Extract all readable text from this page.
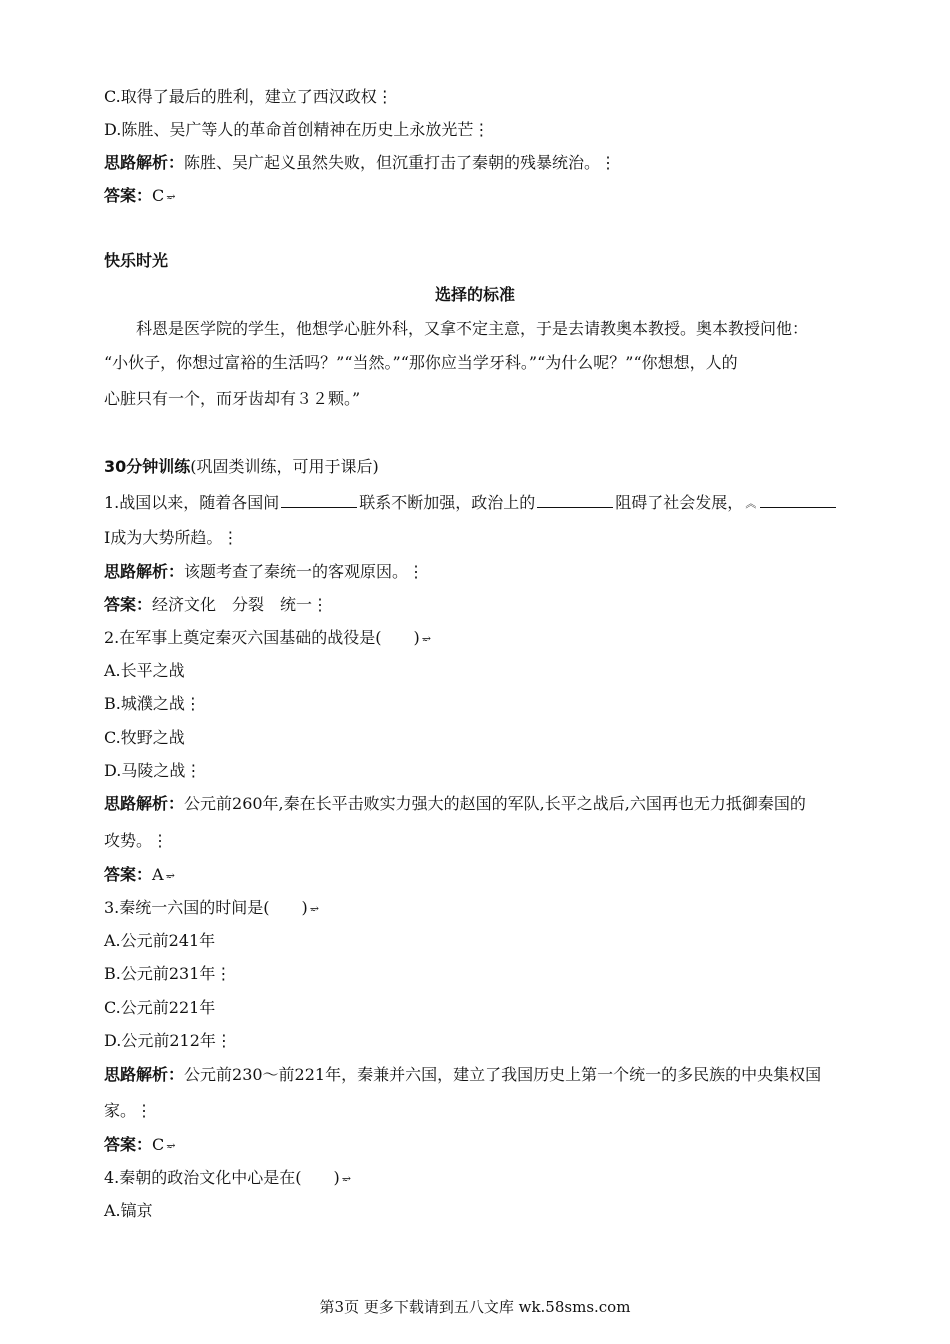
C.取得了最后的胜利，建立了西汉政权⋮
D.陈胜、吴广等人的革命首创精神在历史上永放光芒⋮
思路解析：陈胜、吴广起义虽然失败，但沉重打击了秦朝的残暴统治。⋮
答案：C ⥴
快乐时光
选择的标准
科恩是医学院的学生，他想学心脏外科，又拿不定主意，于是去请教奥本教授。奥本教授问他：
“小伙子，你想过富裕的生活吗？”“当然。”“那你应当学牙科。”“为什么呢？”“你想想，人的
心脏只有一个，而牙齿却有３２颗。”
30分钟训练(巩固类训练，可用于课后)
1.战国以来，随着各国间	联系不断加强，政治上的	阻碍了社会发展， ︽
I成为大势所趋。⋮
思路解析：该题考查了秦统一的客观原因。⋮
答案：经济文化　分裂　统一⋮
2.在军事上奠定秦灭六国基础的战役是(　　) ⥴
A.长平之战
B.城濮之战⋮
C.牧野之战
D.马陵之战⋮
思路解析：公元前260年,秦在长平击败实力强大的赵国的军队,长平之战后,六国再也无力抵御秦国的
攻势。⋮
答案：A ⥴
3.秦统一六国的时间是(　　) ⥴
A.公元前241年
B.公元前231年⋮
C.公元前221年
D.公元前212年⋮
思路解析：公元前230～前221年，秦兼并六国，建立了我国历史上第一个统一的多民族的中央集权国
家。⋮
答案：C ⥴
4.秦朝的政治文化中心是在(　　) ⥴
A.镐京
第3页 更多下载请到五八文库 wk.58sms.com
